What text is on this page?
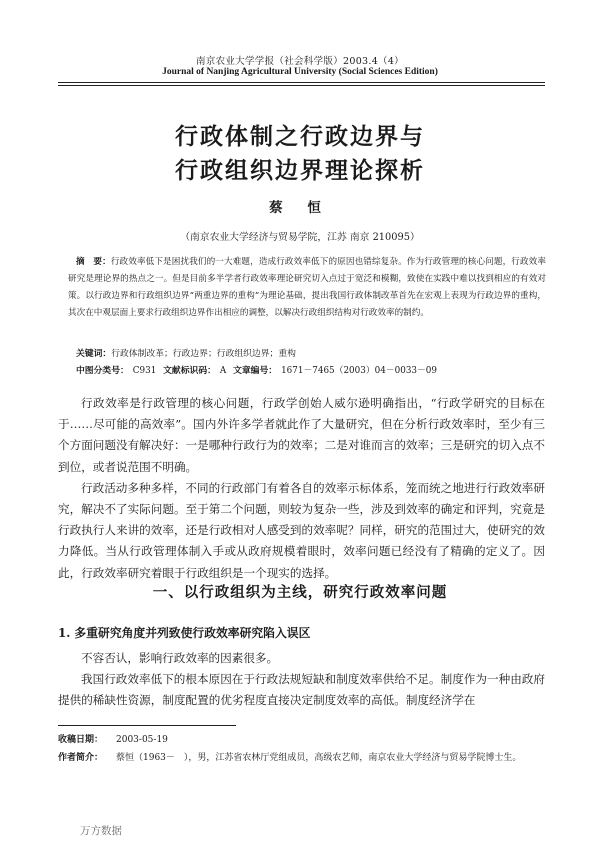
南京农业大学学报（社会科学版）2003.4（4）
Journal of Nanjing Agricultural University (Social Sciences Edition)
行政体制之行政边界与
行政组织边界理论探析
蔡 恒
（南京农业大学经济与贸易学院，江苏 南京 210095）
摘　要：行政效率低下是困扰我们的一大难题，造成行政效率低下的原因也错综复杂。作为行政管理的核心问题，行政效率研究是理论界的热点之一。但是目前多半学者行政效率理论研究切入点过于宽泛和模糊，致使在实践中难以找到相应的有效对策。以行政边界和行政组织边界“两重边界的重构”为理论基础，提出我国行政体制改革首先在宏观上表现为行政边界的重构，其次在中观层面上要求行政组织边界作出相应的调整，以解决行政组织结构对行政效率的制约。
关键词：行政体制改革；行政边界；行政组织边界；重构
中图分类号： C931 文献标识码： A 文章编号： 1671－7465（2003）04－0033－09

行政效率是行政管理的核心问题，行政学创始人威尔逊明确指出，“行政学研究的目标在于……尽可能的高效率”。国内外许多学者就此作了大量研究，但在分析行政效率时，至少有三个方面问题没有解决好：一是哪种行政行为的效率；二是对谁而言的效率；三是研究的切入点不到位，或者说范围不明确。

行政活动多种多样，不同的行政部门有着各自的效率示标体系，笼而统之地进行行政效率研究，解决不了实际问题。至于第二个问题，则较为复杂一些，涉及到效率的确定和评判，究竟是行政执行人来讲的效率，还是行政相对人感受到的效率呢？同样，研究的范围过大，使研究的效力降低。当从行政管理体制入手或从政府规模着眼时，效率问题已经没有了精确的定义了。因此，行政效率研究着眼于行政组织是一个现实的选择。

一、以行政组织为主线，研究行政效率问题
1. 多重研究角度并列致使行政效率研究陷入误区

不容否认，影响行政效率的因素很多。

我国行政效率低下的根本原因在于行政法规短缺和制度效率供给不足。制度作为一种由政府提供的稀缺性资源，制度配置的优劣程度直接决定制度效率的高低。制度经济学在

收稿日期： 2003-05-19
作者简介： 蔡恒（1963－　），男，江苏省农林厅党组成员，高级农艺师，南京农业大学经济与贸易学院博士生。
万方数据
